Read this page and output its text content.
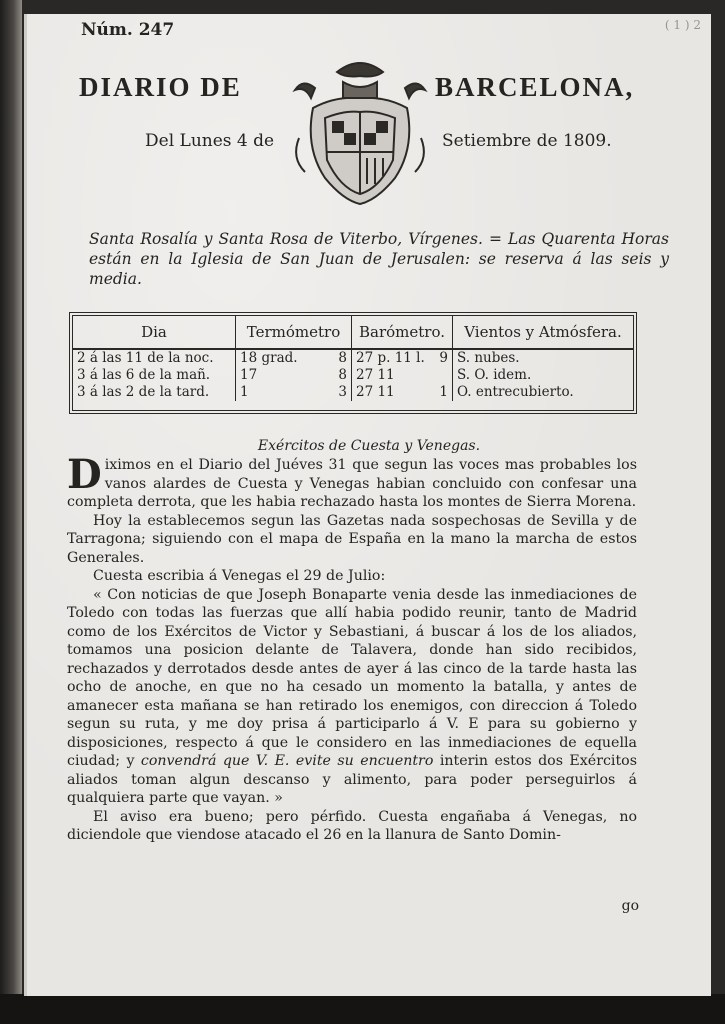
Núm. 247	( 1 ) 2
DIARIO DE	BARCELONA,
Del Lunes 4 de	Setiembre de 1809.
Santa Rosalía y Santa Rosa de Viterbo, Vírgenes. = Las Quarenta Horas están en la Iglesia de San Juan de Jerusalen: se reserva á las seis y media.
Dia	Termómetro	Barómetro.	Vientos y Atmósfera.
2 á las 11 de la noc.	18 grad. 8	27 p. 11 l. 9	S. nubes.
3 á las 6 de la mañ.	17 8	27 11	S. O. idem.
3 á las 2 de la tard.	1 3	27 11 1	O. entrecubierto.
Exércitos de Cuesta y Venegas.

Diximos en el Diario del Juéves 31 que segun las voces mas probables los vanos alardes de Cuesta y Venegas habian concluido con confesar una completa derrota, que les habia rechazado hasta los montes de Sierra Morena.

Hoy la establecemos segun las Gazetas nada sospechosas de Sevilla y de Tarragona; siguiendo con el mapa de España en la mano la marcha de estos Generales.

Cuesta escribia á Venegas el 29 de Julio:

« Con noticias de que Joseph Bonaparte venia desde las inmediaciones de Toledo con todas las fuerzas que allí habia podido reunir, tanto de Madrid como de los Exércitos de Victor y Sebastiani, á buscar á los de los aliados, tomamos una posicion delante de Talavera, donde han sido recibidos, rechazados y derrotados desde antes de ayer á las cinco de la tarde hasta las ocho de anoche, en que no ha cesado un momento la batalla, y antes de amanecer esta mañana se han retirado los enemigos, con direccion á Toledo segun su ruta, y me doy prisa á participarlo á V. E para su gobierno y disposiciones, respecto á que le considero en las inmediaciones de equella ciudad; y convendrá que V. E. evite su encuentro interin estos dos Exércitos aliados toman algun descanso y alimento, para poder perseguirlos á qualquiera parte que vayan. »

El aviso era bueno; pero pérfido. Cuesta engañaba á Venegas, no diciendole que viendose atacado el 26 en la llanura de Santo Domin-

go
